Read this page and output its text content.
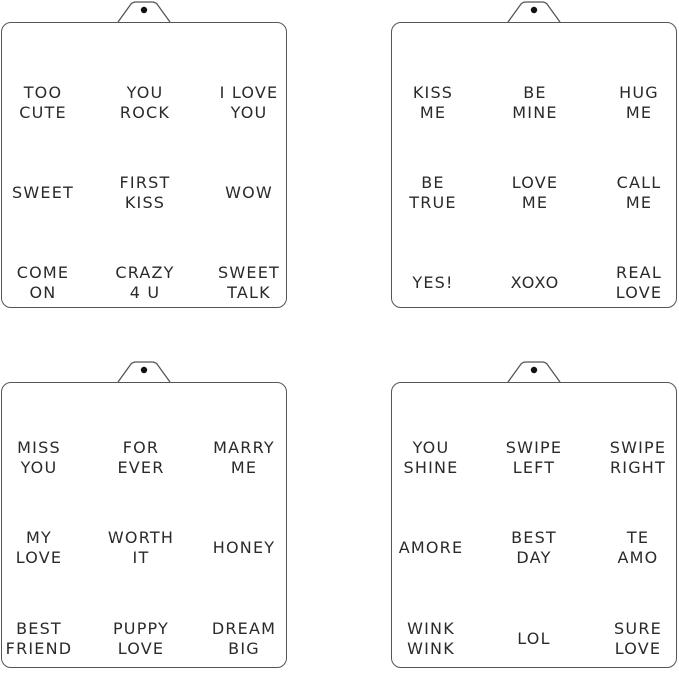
TOO
CUTE
YOU
ROCK
I LOVE
YOU
SWEET
FIRST
KISS
WOW
COME
ON
CRAZY
4 U
SWEET
TALK
KISS
ME
BE
MINE
HUG
ME
BE
TRUE
LOVE
ME
CALL
ME
YES!	XOXO
REAL
LOVE
MISS
YOU
FOR
EVER
MARRY
ME
MY
LOVE
WORTH
IT
HONEY
BEST
FRIEND
PUPPY
LOVE
DREAM
BIG
YOU
SHINE
SWIPE
LEFT
SWIPE
RIGHT
AMORE
BEST
DAY
TE
AMO
WINK
WINK
LOL
SURE
LOVE
